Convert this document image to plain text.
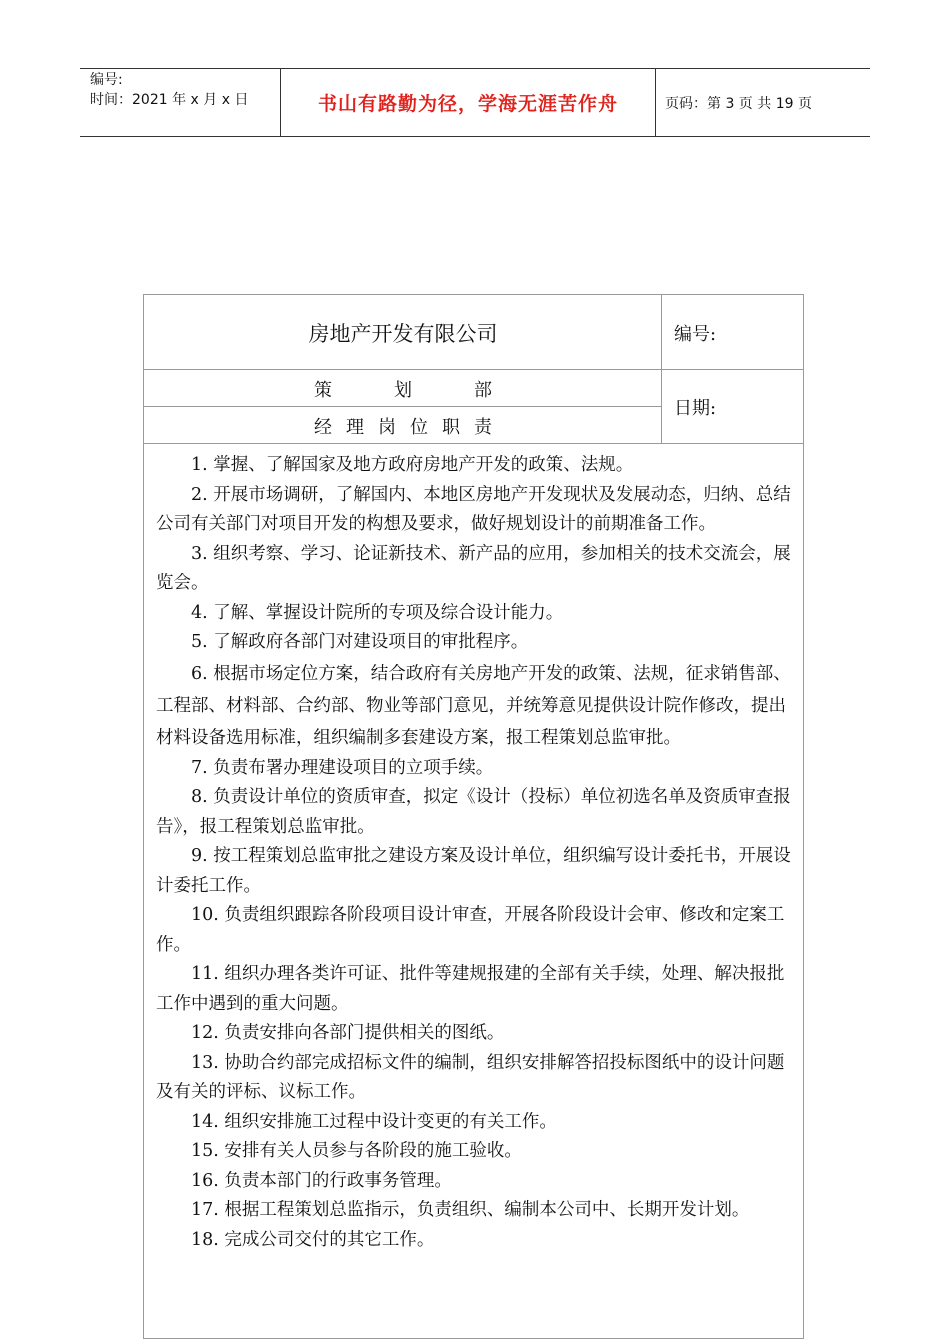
编号:
时间：2021 年 x 月 x 日	书山有路勤为径，学海无涯苦作舟	页码：第 3 页 共 19 页
房地产开发有限公司	编号:
策划部
经理岗位职责
日期:

1. 掌握、了解国家及地方政府房地产开发的政策、法规。

2. 开展市场调研，了解国内、本地区房地产开发现状及发展动态，归纳、总结公司有关部门对项目开发的构想及要求，做好规划设计的前期准备工作。

3. 组织考察、学习、论证新技术、新产品的应用，参加相关的技术交流会，展览会。

4. 了解、掌握设计院所的专项及综合设计能力。

5. 了解政府各部门对建设项目的审批程序。

6. 根据市场定位方案，结合政府有关房地产开发的政策、法规，征求销售部、工程部、材料部、合约部、物业等部门意见，并统筹意见提供设计院作修改，提出材料设备选用标准，组织编制多套建设方案，报工程策划总监审批。

7. 负责布署办理建设项目的立项手续。

8. 负责设计单位的资质审查，拟定《设计（投标）单位初选名单及资质审查报告》，报工程策划总监审批。

9. 按工程策划总监审批之建设方案及设计单位，组织编写设计委托书，开展设计委托工作。

10. 负责组织跟踪各阶段项目设计审查，开展各阶段设计会审、修改和定案工作。

11. 组织办理各类许可证、批件等建规报建的全部有关手续，处理、解决报批工作中遇到的重大问题。

12. 负责安排向各部门提供相关的图纸。

13. 协助合约部完成招标文件的编制，组织安排解答招投标图纸中的设计问题及有关的评标、议标工作。

14. 组织安排施工过程中设计变更的有关工作。

15. 安排有关人员参与各阶段的施工验收。

16. 负责本部门的行政事务管理。

17. 根据工程策划总监指示，负责组织、编制本公司中、长期开发计划。

18. 完成公司交付的其它工作。
